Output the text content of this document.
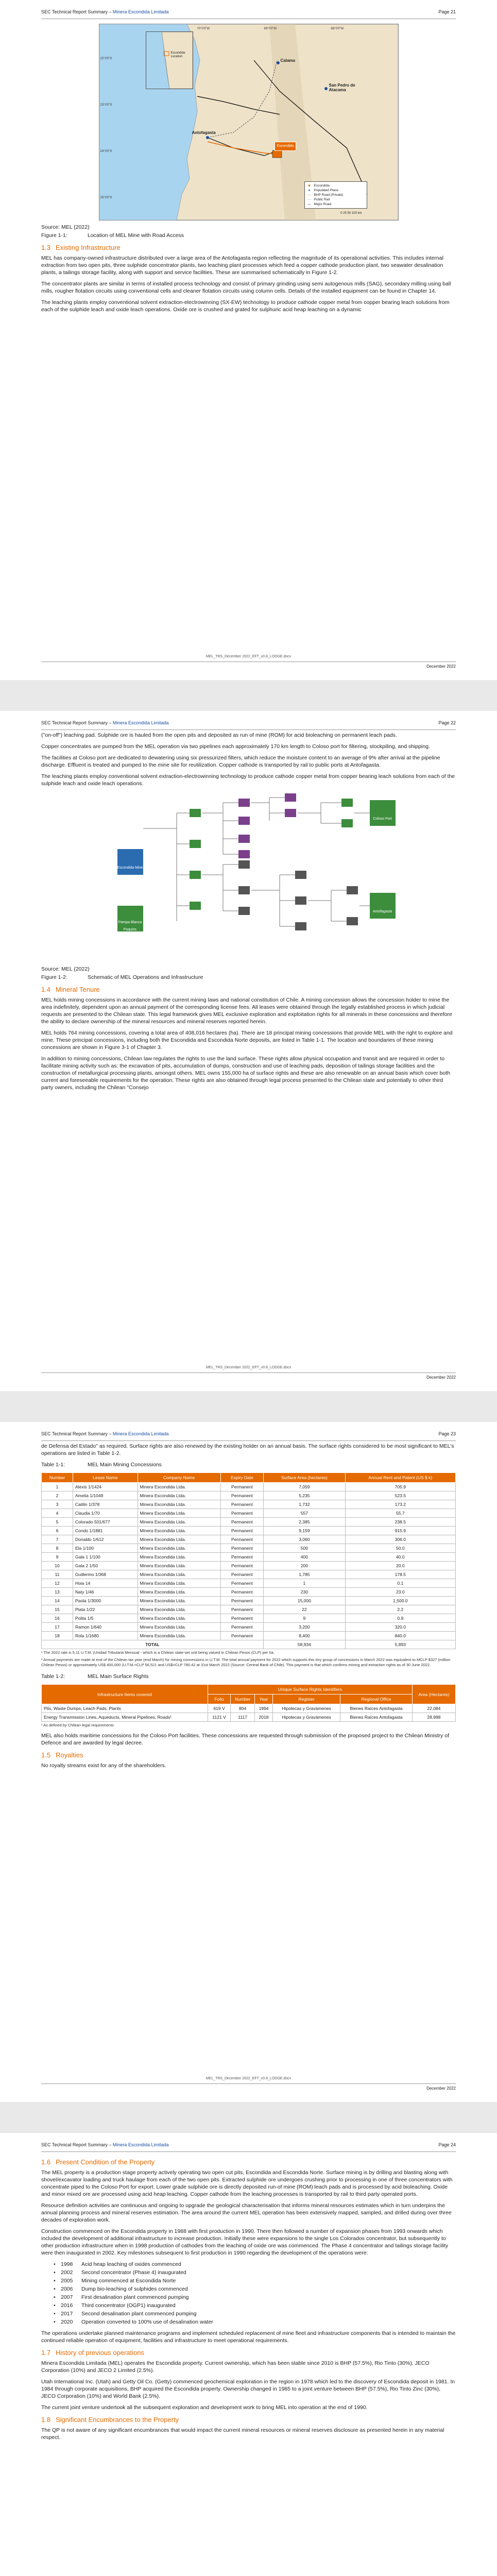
SEC Technical Report Summary – Minera Escondida Limitada	Page 21
Escondida Location
Calama
San Pedro de Atacama
Antofagasta
Escondida
■	Escondida
●	Populated Place
— BHP Road (Private)
- - Public Rail
— Major Road
22°0'0"S
23°0'0"S
24°0'0"S
25°0'0"S
70°0'0"W	69°0'0"W	68°0'0"W
0 25 50 100 km

Source: MEL (2022)

Figure 1-1:	Location of MEL Mine with Road Access

1.3 Existing Infrastructure

MEL has company-owned infrastructure distributed over a large area of the Antofagasta region reflecting the magnitude of its operational activities. This includes internal extraction from two open pits, three sulphide concentrator plants, two leaching plant processes which feed a copper cathode production plant, two seawater desalination plants, a tailings storage facility, along with support and service facilities. These are summarised schematically in Figure 1-2.

The concentrator plants are similar in terms of installed process technology and consist of primary grinding using semi autogenous mills (SAG), secondary milling using ball mills, rougher flotation circuits using conventional cells and cleaner flotation circuits using column cells. Details of the installed equipment can be found in Chapter 14.

The leaching plants employ conventional solvent extraction-electrowinning (SX-EW) technology to produce cathode copper metal from copper bearing leach solutions from each of the sulphide leach and oxide leach operations. Oxide ore is crushed and grated for sulphuric acid heap leaching on a dynamic

MEL_TRS_December 2022_EFT_v0.8_LODGE.docx
December 2022
SEC Technical Report Summary – Minera Escondida Limitada	Page 22

("on-off") leaching pad. Sulphide ore is hauled from the open pits and deposited as run of mine (ROM) for acid bioleaching on permanent leach pads.

Copper concentrates are pumped from the MEL operation via two pipelines each approximately 170 km length to Coloso port for filtering, stockpiling, and shipping.

The facilities at Coloso port are dedicated to dewatering using six pressurized filters, which reduce the moisture content to an average of 9% after arrival at the pipeline discharge. Effluent is treated and pumped to the mine site for reutilization. Copper cathode is transported by rail to public ports at Antofagasta.

The leaching plants employ conventional solvent extraction-electrowinning technology to produce cathode copper metal from copper bearing leach solutions from each of the sulphide leach and oxide leach operations.

Escondida Mine
Pampa Blanca Puquios
Coloso Port
Antofagasta

Source: MEL (2022)

Figure 1-2:	Schematic of MEL Operations and Infrastructure

1.4 Mineral Tenure

MEL holds mining concessions in accordance with the current mining laws and national constitution of Chile. A mining concession allows the concession holder to mine the area indefinitely, dependent upon an annual payment of the corresponding license fees. All leases were obtained through the legally established process in which judicial requests are presented to the Chilean state. This legal framework gives MEL exclusive exploration and exploitation rights for all minerals in these concessions and therefore the ability to declare ownership of the mineral resources and mineral reserves reported herein.

MEL holds 764 mining concessions, covering a total area of 408,016 hectares (ha). There are 18 principal mining concessions that provide MEL with the right to explore and mine. These principal concessions, including both the Escondida and Escondida Norte deposits, are listed in Table 1-1. The location and boundaries of these mining concessions are shown in Figure 3-1 of Chapter 3.

In addition to mining concessions, Chilean law regulates the rights to use the land surface. These rights allow physical occupation and transit and are required in order to facilitate mining activity such as: the excavation of pits, accumulation of dumps, construction and use of leaching pads, deposition of tailings storage facilities and the construction of metallurgical processing plants, amongst others. MEL owns 155,000 ha of surface rights and these are also renewable on an annual basis which cover both current and foreseeable requirements for the operation. These rights are also obtained through legal process presented to the Chilean state and potentially to other third party owners, including the Chilean "Consejo

MEL_TRS_December 2022_EFT_v0.8_LODGE.docx
December 2022
SEC Technical Report Summary – Minera Escondida Limitada	Page 23

de Defensa del Estado" as required. Surface rights are also renewed by the existing holder on an annual basis. The surface rights considered to be most significant to MEL's operations are listed in Table 1-2.

Table 1-1:	MEL Main Mining Concessions

Number	Lease Name	Company Name	Expiry Date	Surface Area (hectares)	Annual Rent and Patent (US $ k)
1	Alexis 1/1424	Minera Escondida Ltda.	Permanent	7,059	705.9
2	Amelia 1/1049	Minera Escondida Ltda.	Permanent	5,235	523.5
3	Caitlin 1/378	Minera Escondida Ltda.	Permanent	1,732	173.2
4	Claudia 1/70	Minera Escondida Ltda.	Permanent	557	55.7
5	Colorado 501/677	Minera Escondida Ltda.	Permanent	2,385	238.5
6	Condo 1/1881	Minera Escondida Ltda.	Permanent	9,159	915.9
7	Donaldo 1/612	Minera Escondida Ltda.	Permanent	3,060	306.0
8	Ela 1/100	Minera Escondida Ltda.	Permanent	500	50.0
9	Gala 1 1/100	Minera Escondida Ltda.	Permanent	400	40.0
10	Gala 2 1/50	Minera Escondida Ltda.	Permanent	200	20.0
11	Guillermo 1/368	Minera Escondida Ltda.	Permanent	1,785	178.5
12	Hoia 14	Minera Escondida Ltda.	Permanent	1	0.1
13	Naty 1/46	Minera Escondida Ltda.	Permanent	230	23.0
14	Paola 1/3000	Minera Escondida Ltda.	Permanent	15,000	1,500.0
15	Plata 1/22	Minera Escondida Ltda.	Permanent	22	2.2
16	Polita 1/5	Minera Escondida Ltda.	Permanent	9	0.9
17	Ramon 1/640	Minera Escondida Ltda.	Permanent	3,200	320.0
18	Rola 1/1680	Minera Escondida Ltda.	Permanent	8,400	840.0
TOTAL				58,934	5,893

¹ The 2022 rate is 5.11 U.T.M. (Unidad Tributaria Mensual - which is a Chilean state-set unit being valued in Chilean Pesos (CLP) per ha.

² Annual payments are made at end of the Chilean tax year (end March) for mining concessions in U.T.M. The total annual payment for 2022 which supports this tiny group of concessions in March 2022 was equivalent to MCLP $327 (million Chilean Pesos) or approximately US$ 400,000 (U.T.M.=CLP 56,521 and US$=CLP 780.42 at 31st March 2022 (Source: Central Bank of Chile). This payment is that which confirms mining and extraction rights as of 30 June 2022.

Table 1-2:	MEL Main Surface Rights

Infrastructure Items covered	Unique Surface Rights Identifiers					Area (Hectares)
	Folio	Number	Year	Register	Regional Office	
Pits, Waste Dumps, Leach Pads, Plants	619 V	804	1994	Hipotecas y Gravámenes	Bienes Raíces Antofagasta	22,084
Energy Transmission Lines, Aqueducts, Mineral Pipelines, Roads¹	1121 V	1117	2018	Hipotecas y Gravámenes	Bienes Raíces Antofagasta	28,998

¹ As defined by Chilean legal requirements

MEL also holds maritime concessions for the Coloso Port facilities. These concessions are requested through submission of the proposed project to the Chilean Ministry of Defence and are awarded by legal decree.

1.5 Royalties

No royalty streams exist for any of the shareholders.

MEL_TRS_December 2022_EFT_v0.8_LODGE.docx
December 2022
SEC Technical Report Summary – Minera Escondida Limitada	Page 24
1.6 Present Condition of the Property

The MEL property is a production stage property actively operating two open cut pits, Escondida and Escondida Norte. Surface mining is by drilling and blasting along with shovel/excavator loading and truck haulage from each of the two open pits. Extracted sulphide ore undergoes crushing prior to processing in one of three concentrators with concentrate piped to the Coloso Port for export. Lower grade sulphide ore is directly deposited run-of mine (ROM) leach pads and is processed by acid bioleaching. Oxide and minor mixed ore are processed using acid heap leaching. Copper cathode from the leaching processes is transported by rail to third party operated ports.

Resource definition activities are continuous and ongoing to upgrade the geological characterisation that informs mineral resources estimates which in turn underpins the annual planning process and mineral reserves estimation. The area around the current MEL operation has been extensively mapped, sampled, and drilled during over three decades of exploration work.

Construction commenced on the Escondida property in 1988 with first production in 1990. There then followed a number of expansion phases from 1993 onwards which included the development of additional infrastructure to increase production. Initially these were expansions to the single Los Colorados concentrator, but subsequently to other production infrastructure when in 1998 production of cathodes from the leaching of oxide ore was commenced. The Phase 4 concentrator and tailings storage facility were then inaugurated in 2002. Key milestones subsequent to first production in 1990 regarding the development of the operations were:

• 1998	Acid heap leaching of oxides commenced
• 2002	Second concentrator (Phase 4) inaugurated
• 2005	Mining commenced at Escondida Norte
• 2006	Dump bio-leaching of sulphides commenced
• 2007	First desalination plant commenced pumping
• 2016	Third concentrator (OGP1) inaugurated
• 2017	Second desalination plant commenced pumping
• 2020	Operation converted to 100% use of desalination water

The operations undertake planned maintenance programs and implement scheduled replacement of mine fleet and infrastructure components that is intended to maintain the continued reliable operation of equipment, facilities and infrastructure to meet operational requirements.

1.7 History of previous operations

Minera Escondida Limitada (MEL) operates the Escondida property. Current ownership, which has been stable since 2010 is BHP (57.5%), Rio Tinto (30%), JECO Corporation (10%) and JECO 2 Limited (2.5%).

Utah International Inc. (Utah) and Getty Oil Co. (Getty) commenced geochemical exploration in the region in 1978 which led to the discovery of Escondida deposit in 1981. In 1984 through corporate acquisitions, BHP acquired the Escondida property. Ownership changed in 1985 to a joint venture between BHP (57.5%), Rio Tinto Zinc (30%), JECO Corporation (10%) and World Bank (2.5%).

The current joint venture undertook all the subsequent exploration and development work to bring MEL into operation at the end of 1990.

1.8 Significant Encumbrances to the Property

The QP is not aware of any significant encumbrances that would impact the current mineral resources or mineral reserves disclosure as presented herein in any material respect.
